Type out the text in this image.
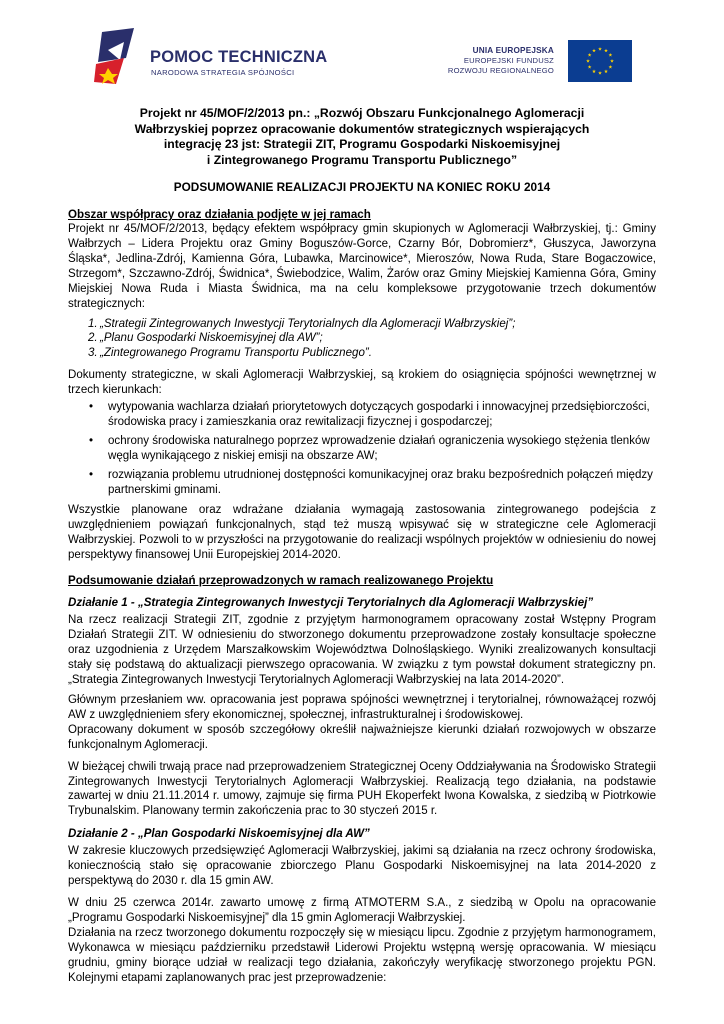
POMOC TECHNICZNA
NARODOWA STRATEGIA SPÓJNOŚCI
UNIA EUROPEJSKA
EUROPEJSKI FUNDUSZ
ROZWOJU REGIONALNEGO

Projekt nr 45/MOF/2/2013 pn.: „Rozwój Obszaru Funkcjonalnego Aglomeracji
Wałbrzyskiej poprzez opracowanie dokumentów strategicznych wspierających
integrację 23 jst: Strategii ZIT, Programu Gospodarki Niskoemisyjnej
i Zintegrowanego Programu Transportu Publicznego”

PODSUMOWANIE REALIZACJI PROJEKTU NA KONIEC ROKU 2014

Obszar współpracy oraz działania podjęte w jej ramach

Projekt nr 45/MOF/2/2013, będący efektem współpracy gmin skupionych w Aglomeracji Wałbrzyskiej, tj.: Gminy Wałbrzych – Lidera Projektu oraz Gminy Boguszów-Gorce, Czarny Bór, Dobromierz*, Głuszyca, Jaworzyna Śląska*, Jedlina-Zdrój, Kamienna Góra, Lubawka, Marcinowice*, Mieroszów, Nowa Ruda, Stare Bogaczowice, Strzegom*, Szczawno-Zdrój, Świdnica*, Świebodzice, Walim, Żarów oraz Gminy Miejskiej Kamienna Góra, Gminy Miejskiej Nowa Ruda i Miasta Świdnica, ma na celu kompleksowe przygotowanie trzech dokumentów strategicznych:

1. „Strategii Zintegrowanych Inwestycji Terytorialnych dla Aglomeracji Wałbrzyskiej”;
2. „Planu Gospodarki Niskoemisyjnej dla AW”;
3. „Zintegrowanego Programu Transportu Publicznego”.

Dokumenty strategiczne, w skali Aglomeracji Wałbrzyskiej, są krokiem do osiągnięcia spójności wewnętrznej w trzech kierunkach:

• wytypowania wachlarza działań priorytetowych dotyczących gospodarki i innowacyjnej przedsiębiorczości, środowiska pracy i zamieszkania oraz rewitalizacji fizycznej i gospodarczej;
• ochrony środowiska naturalnego poprzez wprowadzenie działań ograniczenia wysokiego stężenia tlenków węgla wynikającego z niskiej emisji na obszarze AW;
• rozwiązania problemu utrudnionej dostępności komunikacyjnej oraz braku bezpośrednich połączeń między partnerskimi gminami.

Wszystkie planowane oraz wdrażane działania wymagają zastosowania zintegrowanego podejścia z uwzględnieniem powiązań funkcjonalnych, stąd też muszą wpisywać się w strategiczne cele Aglomeracji Wałbrzyskiej. Pozwoli to w przyszłości na przygotowanie do realizacji wspólnych projektów w odniesieniu do nowej perspektywy finansowej Unii Europejskiej 2014-2020.

Podsumowanie działań przeprowadzonych w ramach realizowanego Projektu
Działanie 1 - „Strategia Zintegrowanych Inwestycji Terytorialnych dla Aglomeracji Wałbrzyskiej”

Na rzecz realizacji Strategii ZIT, zgodnie z przyjętym harmonogramem opracowany został Wstępny Program Działań Strategii ZIT. W odniesieniu do stworzonego dokumentu przeprowadzone zostały konsultacje społeczne oraz uzgodnienia z Urzędem Marszałkowskim Województwa Dolnośląskiego. Wyniki zrealizowanych konsultacji stały się podstawą do aktualizacji pierwszego opracowania. W związku z tym powstał dokument strategiczny pn. „Strategia Zintegrowanych Inwestycji Terytorialnych Aglomeracji Wałbrzyskiej na lata 2014-2020”.

Głównym przesłaniem ww. opracowania jest poprawa spójności wewnętrznej i terytorialnej, równoważącej rozwój AW z uwzględnieniem sfery ekonomicznej, społecznej, infrastrukturalnej i środowiskowej.

Opracowany dokument w sposób szczegółowy określił najważniejsze kierunki działań rozwojowych w obszarze funkcjonalnym Aglomeracji.

W bieżącej chwili trwają prace nad przeprowadzeniem Strategicznej Oceny Oddziaływania na Środowisko Strategii Zintegrowanych Inwestycji Terytorialnych Aglomeracji Wałbrzyskiej. Realizacją tego działania, na podstawie zawartej w dniu 21.11.2014 r. umowy, zajmuje się firma PUH Ekoperfekt Iwona Kowalska, z siedzibą w Piotrkowie Trybunalskim. Planowany termin zakończenia prac to 30 styczeń 2015 r.

Działanie 2 - „Plan Gospodarki Niskoemisyjnej dla AW”

W zakresie kluczowych przedsięwzięć Aglomeracji Wałbrzyskiej, jakimi są działania na rzecz ochrony środowiska, koniecznością stało się opracowanie zbiorczego Planu Gospodarki Niskoemisyjnej na lata 2014-2020 z perspektywą do 2030 r. dla 15 gmin AW.

W dniu 25 czerwca 2014r. zawarto umowę z firmą ATMOTERM S.A., z siedzibą w Opolu na opracowanie „Programu Gospodarki Niskoemisyjnej” dla 15 gmin Aglomeracji Wałbrzyskiej.

Działania na rzecz tworzonego dokumentu rozpoczęły się w miesiącu lipcu. Zgodnie z przyjętym harmonogramem, Wykonawca w miesiącu październiku przedstawił Liderowi Projektu wstępną wersję opracowania. W miesiącu grudniu, gminy biorące udział w realizacji tego działania, zakończyły weryfikację stworzonego projektu PGN. Kolejnymi etapami zaplanowanych prac jest przeprowadzenie:
